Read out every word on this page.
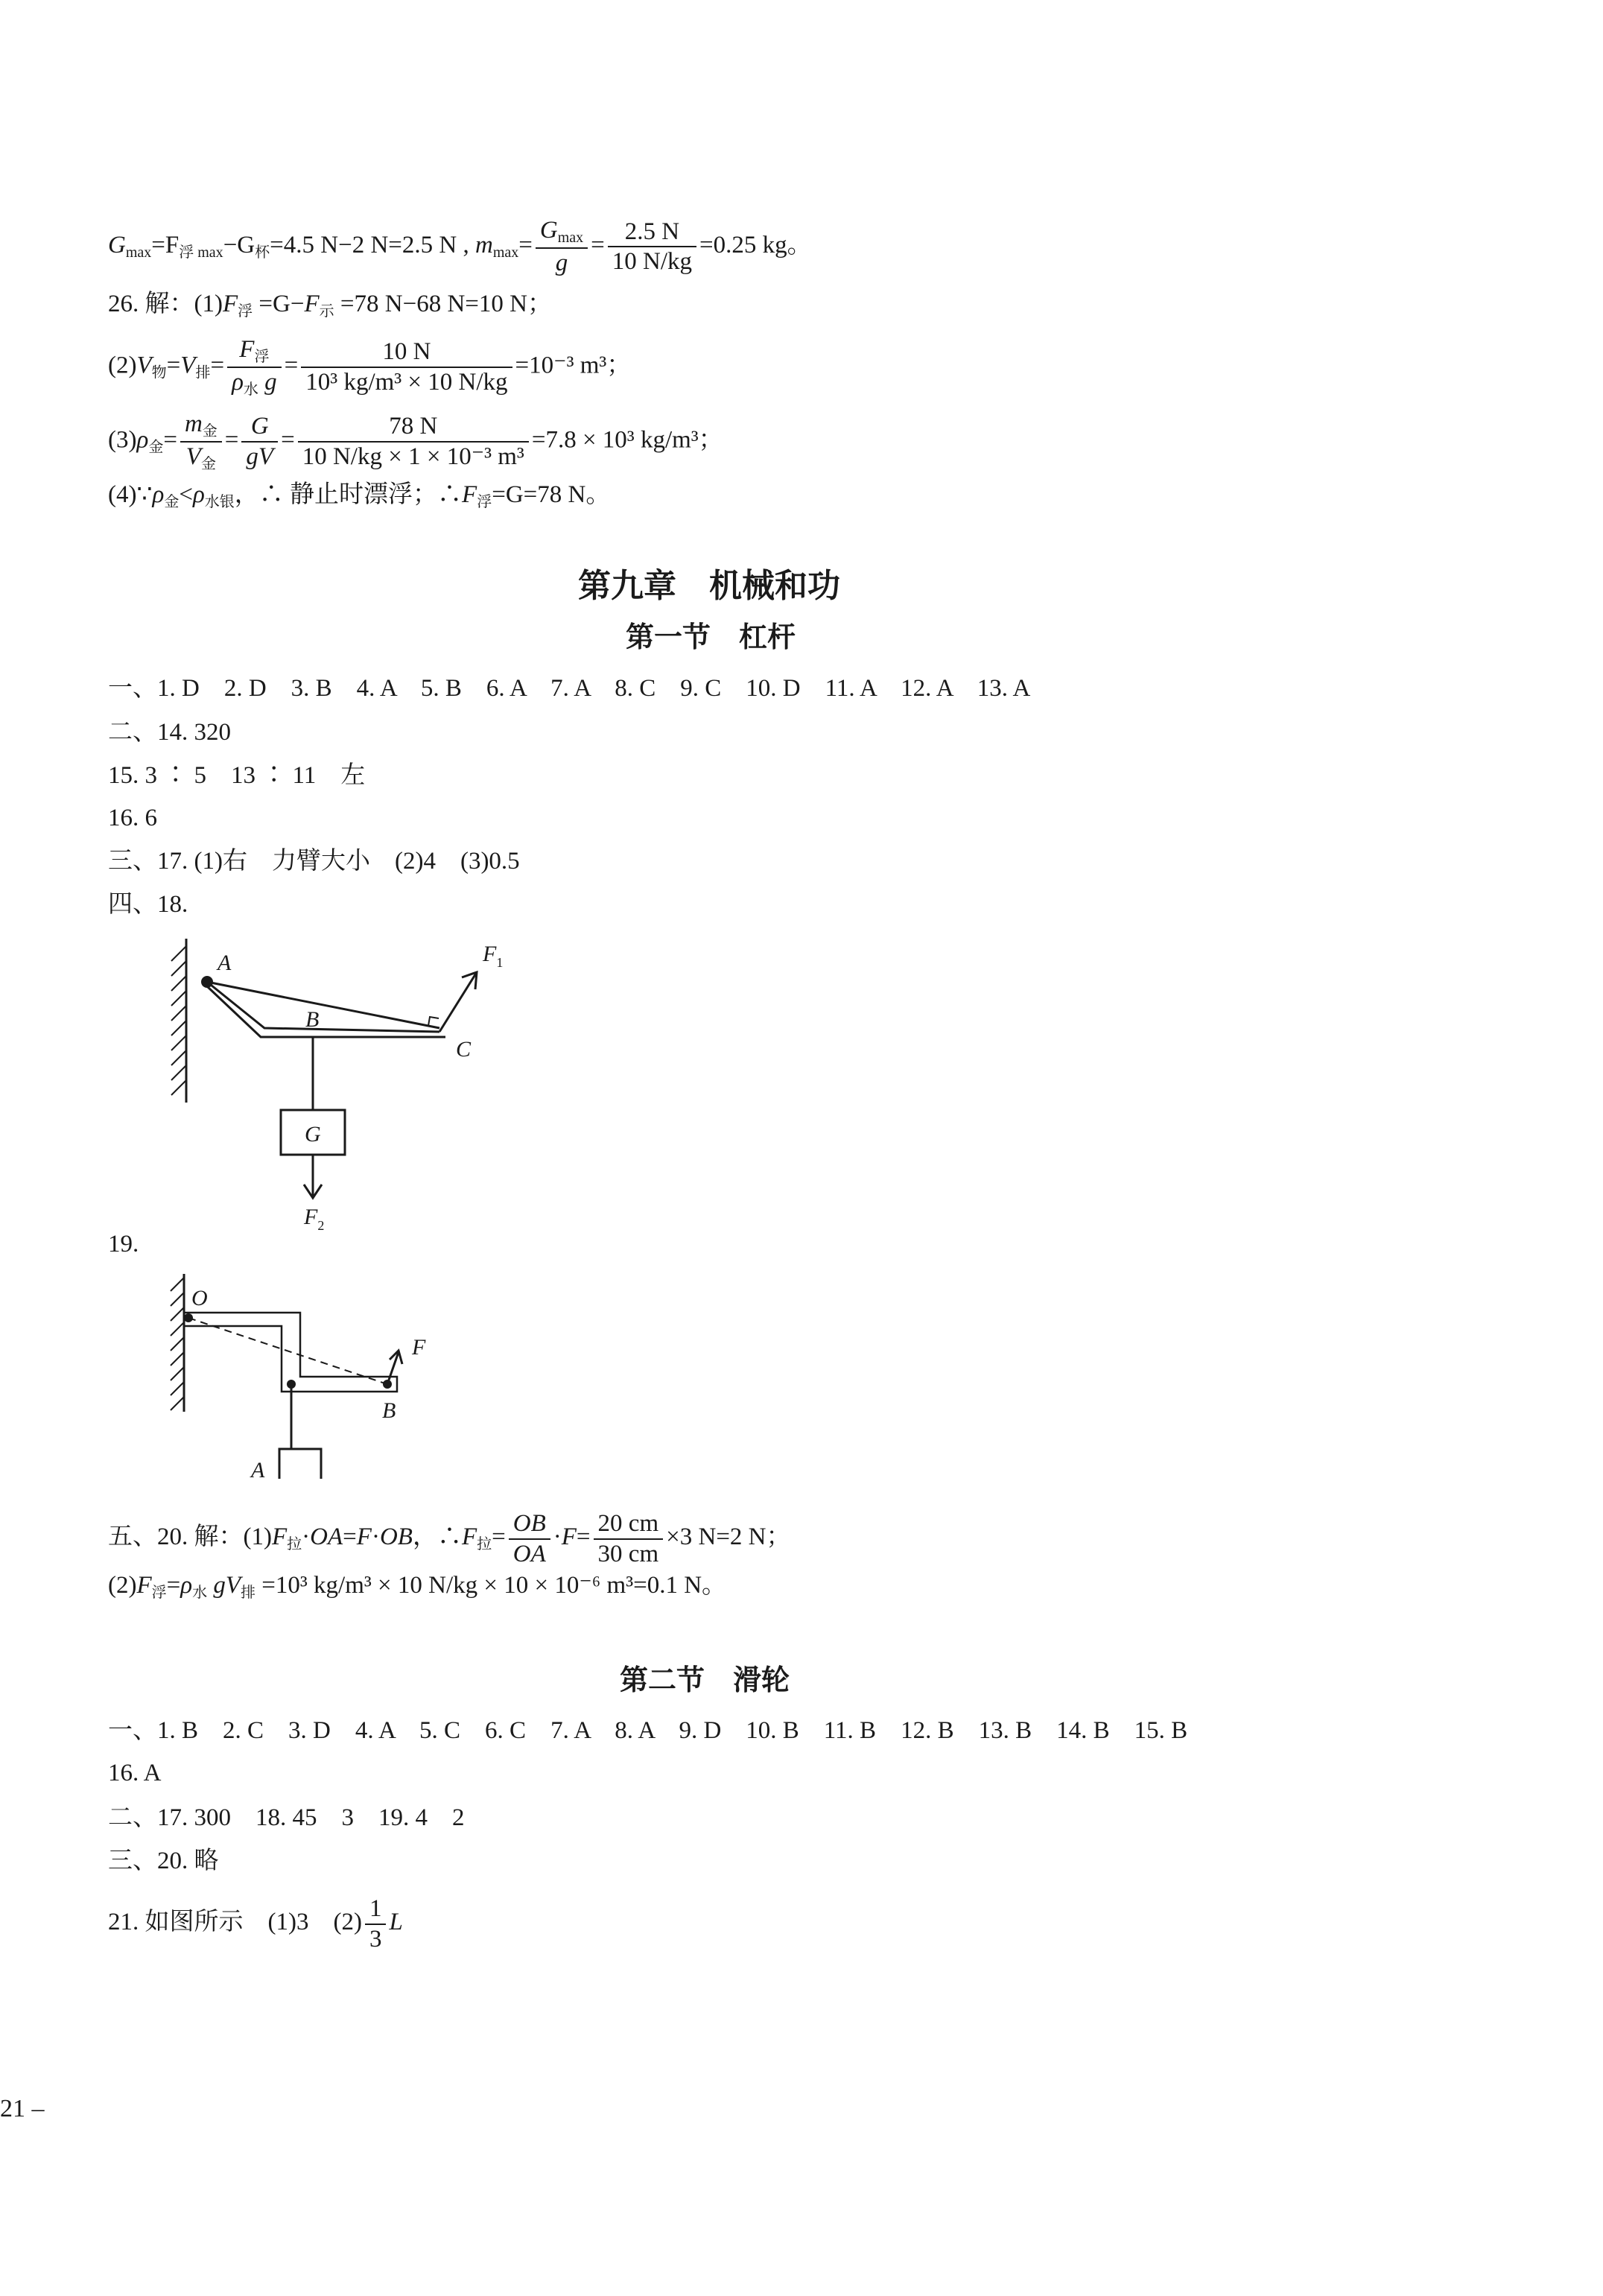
$G_{max}=F_{浮 max}-G_杯=4.5$ N−2 N=2.5 N , $m_{max}= \frac{G_{max}}{g} = \frac{2.5 N}{10 N/kg} =0.25$ kg。
26. 解：$(1)F_浮 =G-F_示 =78$ N−68 N=10 N；
$(2)V_物=V_排= \frac{F_浮}{\rho_水 g} = \frac{10 N}{\text{10³ kg/m³ × 10 N/kg}} =10^{-3}$ m³；
$(3)\rho_金= \frac{m_金}{V_金} = \frac{G}{gV} = \frac{78 N}{\text{10 N/kg × 1 × 10⁻³ m³}} =7.8 \times 10^3$ kg/m³；
$(4)\because\rho_金<\rho_{水银}$，∴ 静止时漂浮；$\therefore F_浮=G=78$ N。
第九章　机械和功
第一节　杠杆
一、1. D　2. D　3. B　4. A　5. B　6. A　7. A　8. C　9. C　10. D　11. A　12. A　13. A
二、14. 320
15. 3 ∶ 5　13 ∶ 11　左
16. 6
三、17. (1)右　力臂大小　(2)4　(3)0.5
四、18.
A
B
C
$F_1$
G
$F_2$
19.
O
F
B
A
五、20. 解：$(1)F_拉\cdot OA=F\cdot OB$，$\therefore F_拉= \frac{OB}{OA} \cdot F= \frac{20 cm}{30 cm} \times 3$ N=2 N；
$(2)F_浮=\rho_水$ $gV_排 =10^3$ kg/m³ × 10 N/kg × 10 × 10⁻⁶ m³=0.1 N。
第二节　滑轮
一、1. B　2. C　3. D　4. A　5. C　6. C　7. A　8. A　9. D　10. B　11. B　12. B　13. B　14. B　15. B
16. A
二、17. 300　18. 45　3　19. 4　2
三、20. 略
21. 如图所示　(1)3　$(2) \frac{1}{3}$ L
21 –
